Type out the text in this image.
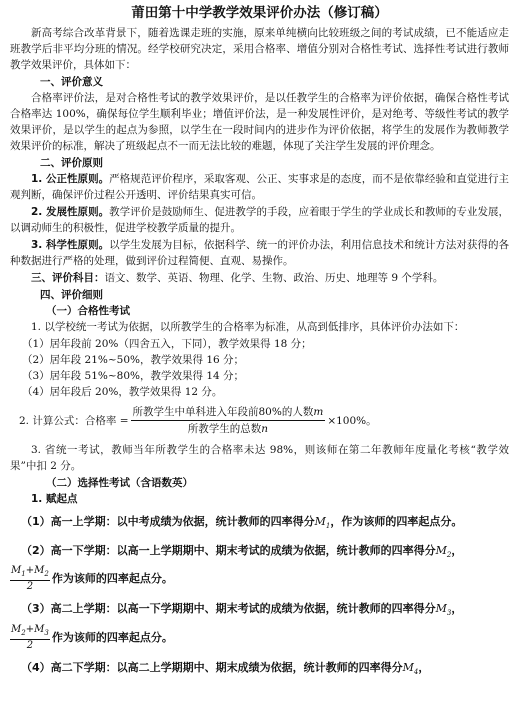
莆田第十中学教学效果评价办法（修订稿）
新高考综合改革背景下，随着选课走班的实施，原来单纯横向比较班级之间的考试成绩，已不能适应走班教学后非平均分班的情况。经学校研究决定，采用合格率、增值分别对合格性考试、选择性考试进行教师教学效果评价，具体如下：
一、评价意义
合格率评价法，是对合格性考试的教学效果评价，是以任教学生的合格率为评价依据，确保合格性考试合格率达 100%，确保每位学生顺利毕业；增值评价法，是一种发展性评价，是对绝考、等级性考试的教学效果评价，是以学生的起点为参照，以学生在一段时间内的进步作为评价依据，将学生的发展作为教师教学效果评价的标准，解决了班级起点不一而无法比较的难题，体现了关注学生发展的评价理念。
二、评价原则
1. 公正性原则。严格规范评价程序，采取客观、公正、实事求是的态度，而不是依靠经验和直觉进行主观判断，确保评价过程公开透明、评价结果真实可信。
2. 发展性原则。教学评价是鼓励师生、促进教学的手段，应着眼于学生的学业成长和教师的专业发展，以调动师生的积极性，促进学校教学质量的提升。
3. 科学性原则。以学生发展为目标，依据科学、统一的评价办法，利用信息技术和统计方法对获得的各种数据进行严格的处理，做到评价过程简便、直观、易操作。
三、评价科目：语文、数学、英语、物理、化学、生物、政治、历史、地理等 9 个学科。
四、评价细则
（一）合格性考试
1. 以学校统一考试为依据，以所教学生的合格率为标准，从高到低排序，具体评价办法如下：
（1）居年段前 20%（四舍五入，下同），教学效果得 18 分；
（2）居年段 21%~50%，教学效果得 16 分；
（3）居年段 51%~80%，教学效果得 14 分；
（4）居年段后 20%，教学效果得 12 分。
2. 计算公式：合格率 = $\frac{\text{所教学生中单科进入年段前80\%的人数m}}{\text{所教学生的总数n}} \times 100\%$。
3. 省统一考试，教师当年所教学生的合格率未达 98%，则该师在第二年教师年度量化考核“教学效果”中扣 2 分。
（二）选择性考试（含语数英）
1. 赋起点
（1）高一上学期：以中考成绩为依据，统计教师的四率得分$M_1$，作为该师的四率起点分。
（2）高一下学期：以高一上学期期中、期末考试的成绩为依据，统计教师的四率得分$M_2$，
$\frac{M_1+M_2}{2}$ 作为该师的四率起点分。
（3）高二上学期：以高一下学期期中、期末考试的成绩为依据，统计教师的四率得分$M_3$，
$\frac{M_2+M_3}{2}$ 作为该师的四率起点分。
（4）高二下学期：以高二上学期期中、期末成绩为依据，统计教师的四率得分$M_4$，
